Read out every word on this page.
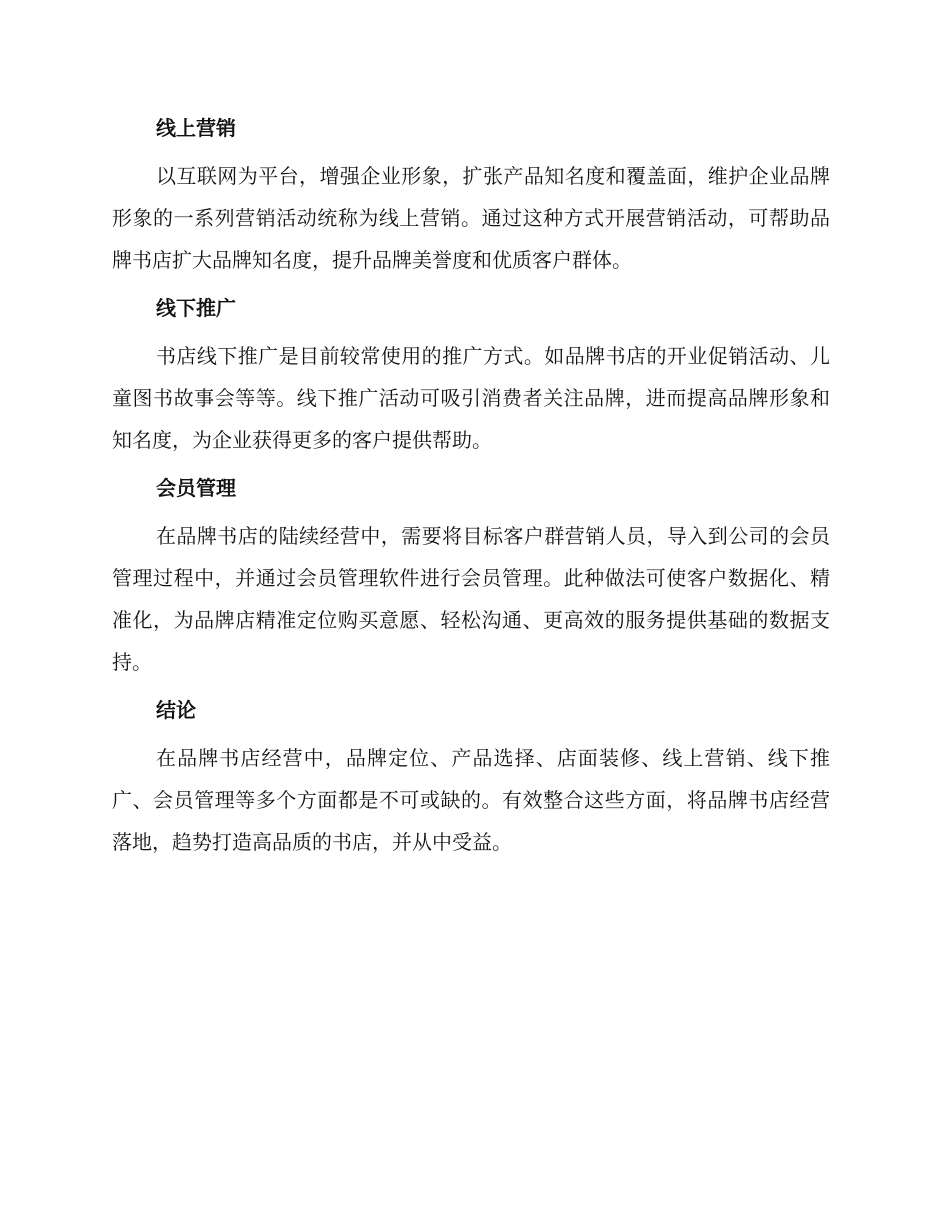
线上营销
以互联网为平台，增强企业形象，扩张产品知名度和覆盖面，维护企业品牌形象的一系列营销活动统称为线上营销。通过这种方式开展营销活动，可帮助品牌书店扩大品牌知名度，提升品牌美誉度和优质客户群体。
线下推广
书店线下推广是目前较常使用的推广方式。如品牌书店的开业促销活动、儿童图书故事会等等。线下推广活动可吸引消费者关注品牌，进而提高品牌形象和知名度，为企业获得更多的客户提供帮助。
会员管理
在品牌书店的陆续经营中，需要将目标客户群营销人员，导入到公司的会员管理过程中，并通过会员管理软件进行会员管理。此种做法可使客户数据化、精准化，为品牌店精准定位购买意愿、轻松沟通、更高效的服务提供基础的数据支持。
结论
在品牌书店经营中，品牌定位、产品选择、店面装修、线上营销、线下推广、会员管理等多个方面都是不可或缺的。有效整合这些方面，将品牌书店经营落地，趋势打造高品质的书店，并从中受益。
